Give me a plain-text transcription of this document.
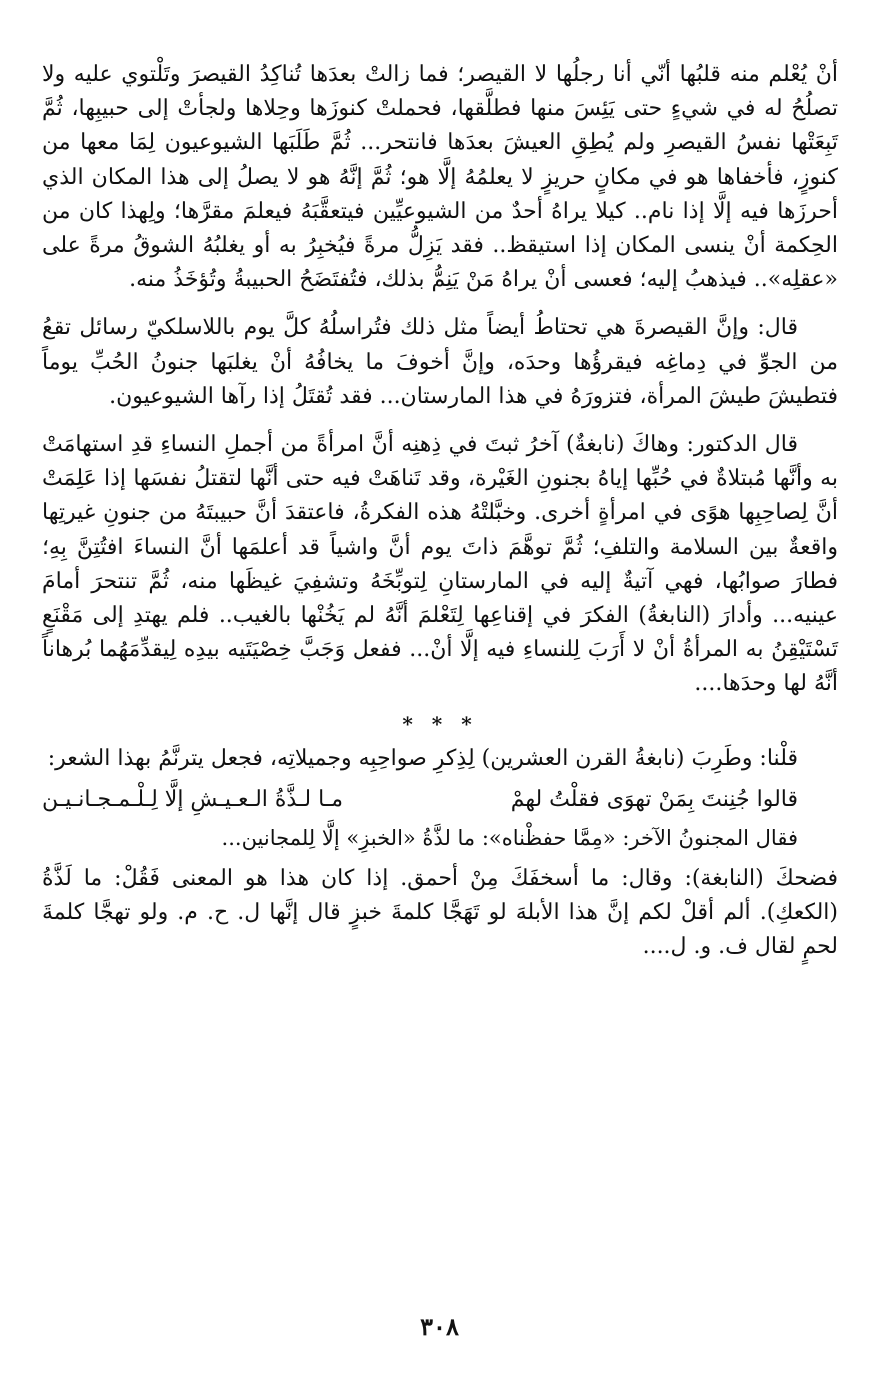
أنْ يُعْلم منه قلبُها أنّي أنا رجلُها لا القيصر؛ فما زالتْ بعدَها تُناكِدُ القيصرَ وتَلْتوي عليه ولا تصلُحُ له في شيءٍ حتى يَئِسَ منها فطلَّقها، فحملتْ كنوزَها وحِلاها ولجأتْ إلى حبيبِها، ثُمَّ تَبِعَتْها نفسُ القيصرِ ولم يُطِقِ العيشَ بعدَها فانتحر... ثُمَّ طَلَبَها الشيوعيون لِمَا معها من كنوزٍ، فأخفاها هو في مكانٍ حريزٍ لا يعلمُهُ إلَّا هو؛ ثُمَّ إنَّهُ هو لا يصلُ إلى هذا المكان الذي أحرزَها فيه إلَّا إذا نام.. كيلا يراهُ أحدٌ من الشيوعيِّين فيتعقَّبَهُ فيعلمَ مقرَّها؛ ولِهذا كان من الحِكمة أنْ ينسى المكان إذا استيقظ.. فقد يَزِلُّ مرةً فيُخبِرُ به أو يغلبُهُ الشوقُ مرةً على «عقلِه».. فيذهبُ إليه؛ فعسى أنْ يراهُ مَنْ يَنِمُّ بذلك، فتُفتَضَحُ الحبيبةُ وتُؤخَذُ منه.

قال: وإنَّ القيصرةَ هي تحتاطُ أيضاً مثل ذلك فتُراسلُهُ كلَّ يوم باللاسلكيّ رسائل تقعُ من الجوِّ في دِماغِه فيقرؤُها وحدَه، وإنَّ أخوفَ ما يخافُهُ أنْ يغلبَها جنونُ الحُبِّ يوماً فتطيشَ طيشَ المرأة، فتزورَهُ في هذا المارستان... فقد تُقتَلُ إذا رآها الشيوعيون.

قال الدكتور: وهاكَ (نابغةٌ) آخرُ ثبتَ في ذِهنِه أنَّ امرأةً من أجملِ النساءِ قدِ استهامَتْ به وأنَّها مُبتلاةٌ في حُبِّها إياهُ بجنونِ الغَيْرة، وقد تَناهَتْ فيه حتى أنَّها لتقتلُ نفسَها إذا عَلِمَتْ أنَّ لِصاحِبِها هوًى في امرأةٍ أخرى. وخبَّلتْهُ هذه الفكرةُ، فاعتقدَ أنَّ حبيبتَهُ من جنونِ غيرتِها واقعةٌ بين السلامة والتلفِ؛ ثُمَّ توهَّمَ ذاتَ يوم أنَّ واشياً قد أعلمَها أنَّ النساءَ افتُتِنَّ بِهِ؛ فطارَ صوابُها، فهي آتيةٌ إليه في المارستانِ لِتوبِّخَهُ وتشفِيَ غيظَها منه، ثُمَّ تنتحرَ أمامَ عينيه... وأدارَ (النابغةُ) الفكرَ في إقناعِها لِتَعْلمَ أنَّهُ لم يَخُنْها بالغيب.. فلم يهتدِ إلى مَقْنَعٍ تَسْتَيْقِنُ به المرأةُ أنْ لا أَرَبَ لِلنساءِ فيه إلَّا أنْ... ففعل وَجَبَّ خِصْيَتَيه بيدِه لِيقدِّمَهُما بُرهاناً أنَّهُ لها وحدَها....

* * *

قلْنا: وطَرِبَ (نابغةُ القرن العشرين) لِذِكرِ صواحِبِه وجميلاتِه، فجعل يترنَّمُ بهذا الشعر:

قالوا جُنِنتَ بِمَنْ تهوَى فقلْتُ لهمْ
مـا لـذَّةُ الـعـيـشِ إلَّا لِـلْـمـجـانـيـن

فقال المجنونُ الآخر: «مِمَّا حفظْناه»: ما لذَّةُ «الخبزِ» إلَّا لِلمجانين...

فضحكَ (النابغة): وقال: ما أسخفَكَ مِنْ أحمق. إذا كان هذا هو المعنى فَقُلْ: ما لَذَّةُ (الكعكِ). ألم أقلْ لكم إنَّ هذا الأبلهَ لو تَهَجَّا كلمةَ خبزٍ قال إنَّها ل. ح. م. ولو تهجَّا كلمةَ لحمٍ لقال ف. و. ل....

٣٠٨
